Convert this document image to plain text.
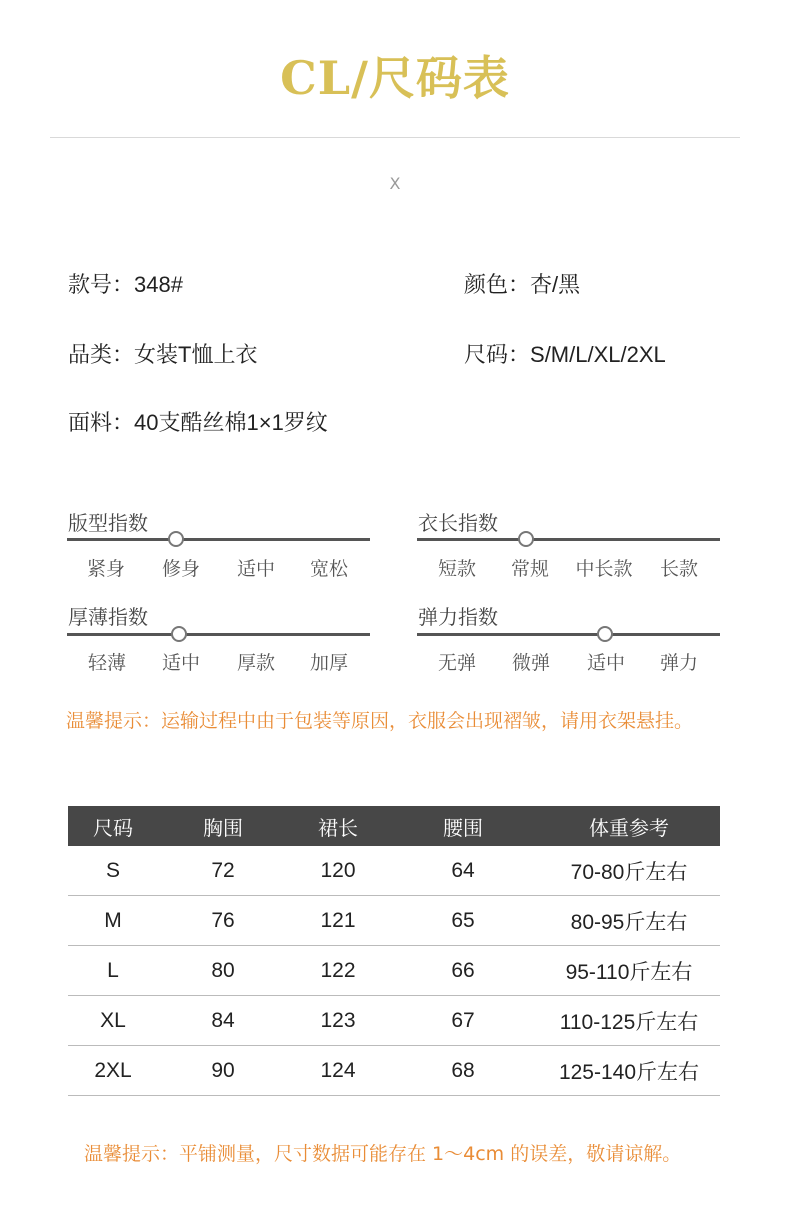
CL/尺码表
X
款号：348#	颜色：杏/黑
品类：女装T恤上衣	尺码：S/M/L/XL/2XL
面料：40支酷丝棉1×1罗纹
版型指数
紧身	修身	适中	宽松
衣长指数
短款	常规	中长款	长款
厚薄指数
轻薄	适中	厚款	加厚
弹力指数
无弹	微弹	适中	弹力
温馨提示：运输过程中由于包装等原因，衣服会出现褶皱，请用衣架悬挂。
尺码	胸围	裙长	腰围	体重参考
S	72	120	64	70-80斤左右
M	76	121	65	80-95斤左右
L	80	122	66	95-110斤左右
XL	84	123	67	110-125斤左右
2XL	90	124	68	125-140斤左右
温馨提示：平铺测量，尺寸数据可能存在 1～4cm 的误差，敬请谅解。
